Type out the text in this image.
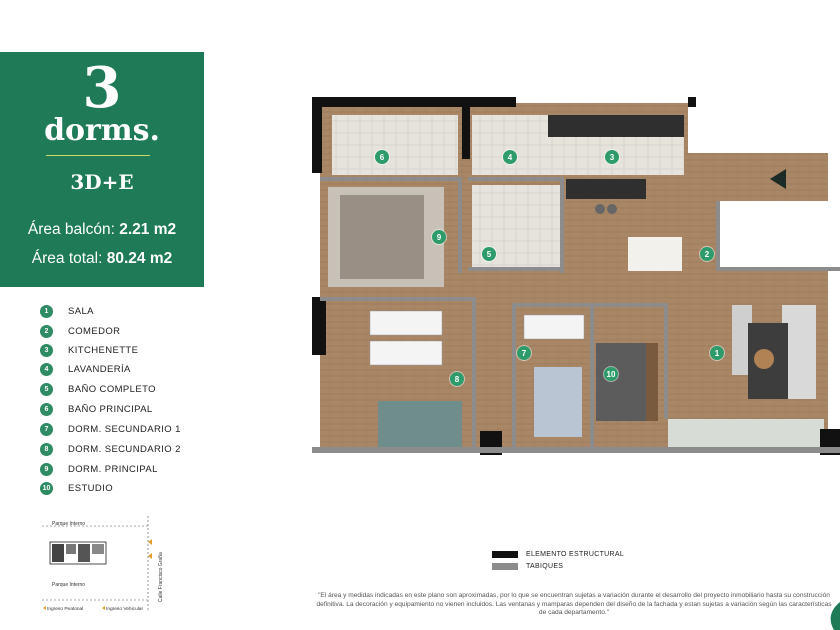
3
dorms.
3D+E
Área balcón: 2.21 m2
Área total: 80.24 m2
1	SALA
2	COMEDOR
3	KITCHENETTE
4	LAVANDERÍA
5	BAÑO COMPLETO
6	BAÑO PRINCIPAL
7	DORM. SECUNDARIO 1
8	DORM. SECUNDARIO 2
9	DORM. PRINCIPAL
10 ESTUDIO
Parque Interno
Parque Interno	Calle Francisco Graña
Ingreso Peatonal	Ingreso Vehicular
6	4	3
9
5	2
7	1
10
8
ELEMENTO ESTRUCTURAL
TABIQUES
"El área y medidas indicadas en este plano son aproximadas, por lo que se encuentran sujetas a variación durante el desarrollo del proyecto inmobiliario hasta su construcción definitiva. La decoración y equipamiento no vienen incluidos. Las ventanas y mamparas dependen del diseño de la fachada y estan sujetas a variación según las características de cada departamento."
